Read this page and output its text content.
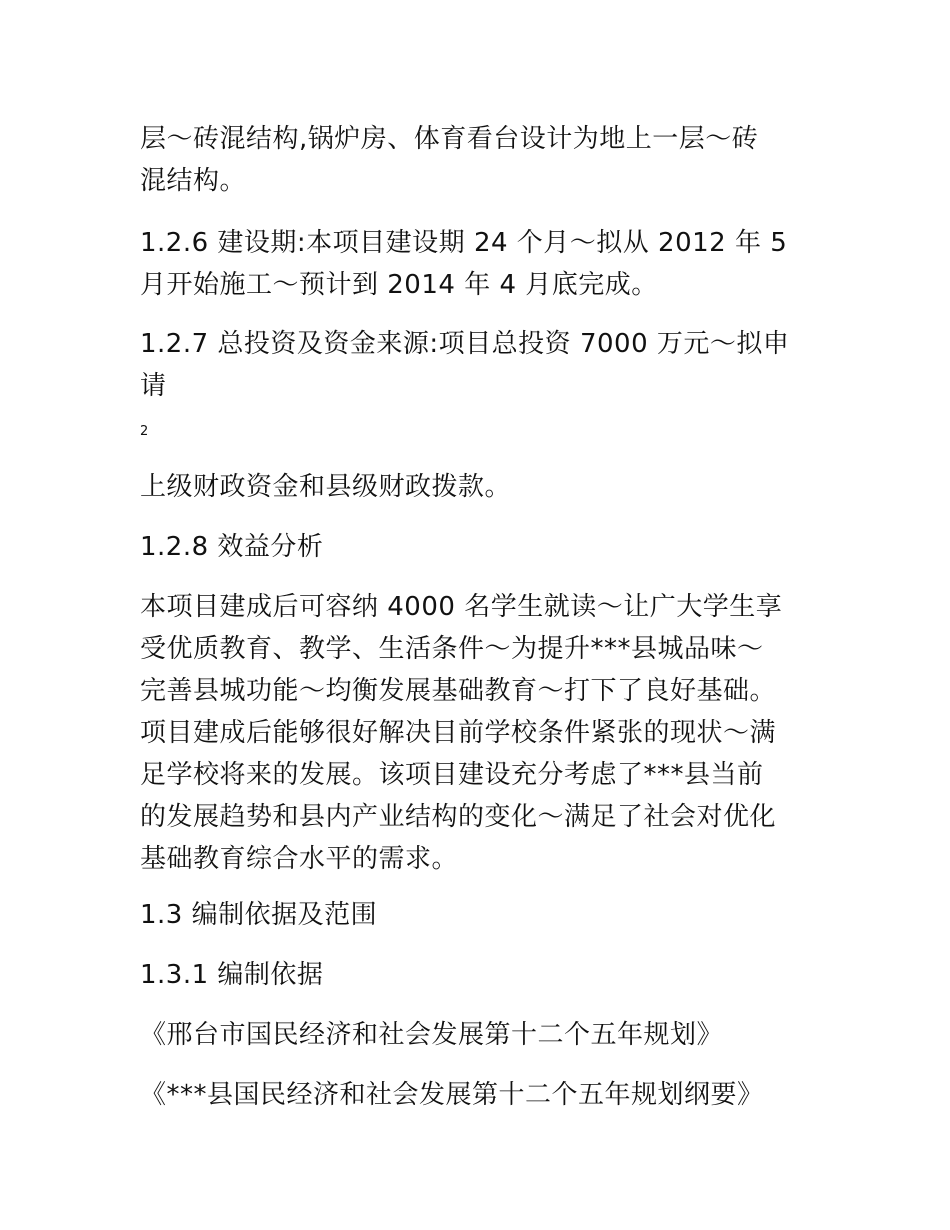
层～砖混结构,锅炉房、体育看台设计为地上一层～砖
混结构。

1.2.6 建设期:本项目建设期 24 个月～拟从 2012 年 5
月开始施工～预计到 2014 年 4 月底完成。

1.2.7 总投资及资金来源:项目总投资 7000 万元～拟申
请

2

上级财政资金和县级财政拨款。

1.2.8 效益分析

本项目建成后可容纳 4000 名学生就读～让广大学生享
受优质教育、教学、生活条件～为提升***县城品味～
完善县城功能～均衡发展基础教育～打下了良好基础。
项目建成后能够很好解决目前学校条件紧张的现状～满
足学校将来的发展。该项目建设充分考虑了***县当前
的发展趋势和县内产业结构的变化～满足了社会对优化
基础教育综合水平的需求。

1.3 编制依据及范围

1.3.1 编制依据

《邢台市国民经济和社会发展第十二个五年规划》

《***县国民经济和社会发展第十二个五年规划纲要》
